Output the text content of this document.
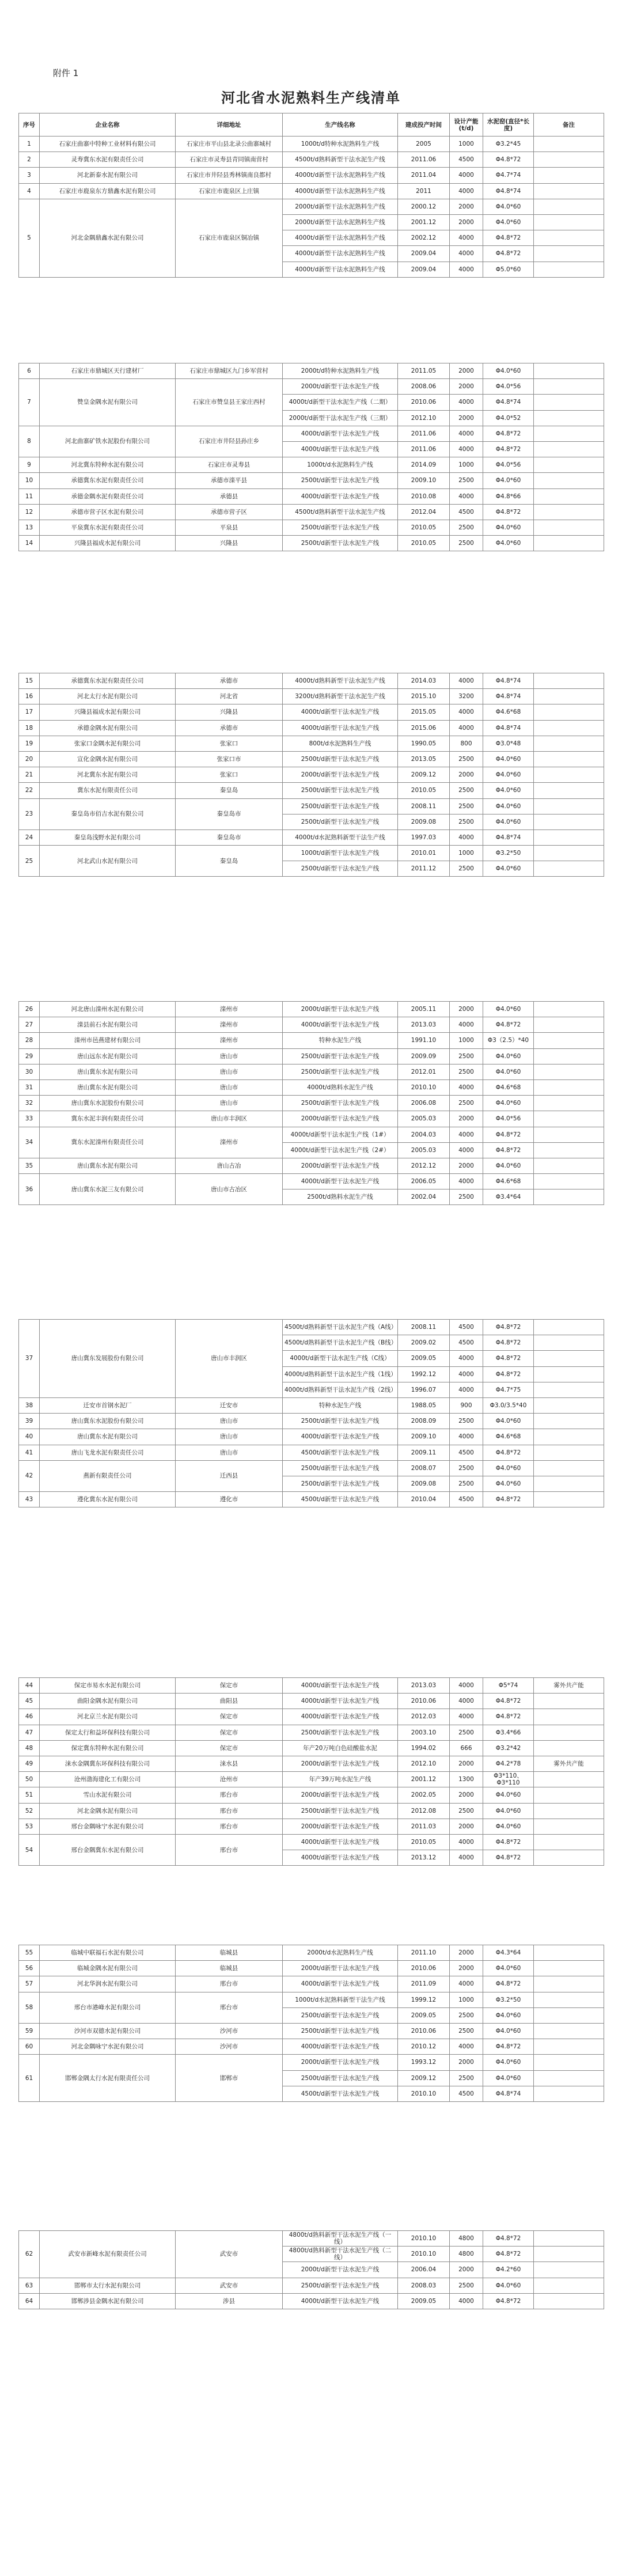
附件 1
河北省水泥熟料生产线清单
序号	企业名称	详细地址	生产线名称	建成投产时间	设计产能(t/d)	水泥窑(直径*长度)	备注
1	石家庄曲寨中特种工业材料有限公司	石家庄市平山县北录公曲寨城村	1000t/d特种水泥熟料生产线	2005	1000	Φ3.2*45	
2	灵寿冀东水泥有限责任公司	石家庄市灵寿县青同镇南营村	4500t/d熟料新型干法水泥生产线	2011.06	4500	Φ4.8*72	
3	河北新泰水泥有限公司	石家庄市井陉县秀林镇南良都村	4000t/d新型干法水泥熟料生产线	2011.04	4000	Φ4.7*74	
4	石家庄市鹿泉东方鼎鑫水泥有限公司	石家庄市鹿泉区上庄镇	4000t/d新型干法水泥熟料生产线	2011	4000	Φ4.8*74	
5	河北金隅鼎鑫水泥有限公司	石家庄市鹿泉区铜冶镇	2000t/d新型干法水泥熟料生产线	2000.12	2000	Φ4.0*60	
			2000t/d新型干法水泥熟料生产线	2001.12	2000	Φ4.0*60	
			4000t/d新型干法水泥熟料生产线	2002.12	4000	Φ4.8*72	
			4000t/d新型干法水泥熟料生产线	2009.04	4000	Φ4.8*72	
			4000t/d新型干法水泥熟料生产线	2009.04	4000	Φ5.0*60	
6	石家庄市鼎城区天行建材厂	石家庄市鼎城区九门乡军营村	2000t/d特种水泥熟料生产线	2011.05	2000	Φ4.0*60	
7	赞皇金隅水泥有限公司	石家庄市赞皇县王家庄西村	2000t/d新型干法水泥生产线	2008.06	2000	Φ4.0*56	
			4000t/d新型干法水泥生产线（二期）	2010.06	4000	Φ4.8*74	
			2000t/d新型干法水泥生产线（三期）	2012.10	2000	Φ4.0*52	
8	河北曲寨矿铁水泥股份有限公司	石家庄市井陉县孙庄乡	4000t/d新型干法水泥生产线	2011.06	4000	Φ4.8*72	
			4000t/d新型干法水泥生产线	2011.06	4000	Φ4.8*72	
9	河北冀东特种水泥有限公司	石家庄市灵寿县	1000t/d水泥熟料生产线	2014.09	1000	Φ4.0*56	
10	承德冀东水泥有限责任公司	承德市滦平县	2500t/d新型干法水泥生产线	2009.10	2500	Φ4.0*60	
11	承德金隅水泥有限责任公司	承德县	4000t/d新型干法水泥生产线	2010.08	4000	Φ4.8*66	
12	承德市营子区水泥有限公司	承德市营子区	4500t/d熟料新型干法水泥生产线	2012.04	4500	Φ4.8*72	
13	平泉冀东水泥有限责任公司	平泉县	2500t/d新型干法水泥生产线	2010.05	2500	Φ4.0*60	
14	兴隆县福成水泥有限公司	兴隆县	2500t/d新型干法水泥生产线	2010.05	2500	Φ4.0*60	
15	承德冀东水泥有限责任公司	承德市	4000t/d熟料新型干法水泥生产线	2014.03	4000	Φ4.8*74	
16	河北太行水泥有限公司	河北省	3200t/d熟料新型干法水泥生产线	2015.10	3200	Φ4.8*74	
17	兴隆县福成水泥有限公司	兴隆县	4000t/d新型干法水泥生产线	2015.05	4000	Φ4.6*68	
18	承德金隅水泥有限公司	承德市	4000t/d新型干法水泥生产线	2015.06	4000	Φ4.8*74	
19	张家口金隅水泥有限公司	张家口	800t/d水泥熟料生产线	1990.05	800	Φ3.0*48	
20	宣化金隅水泥有限公司	张家口市	2500t/d新型干法水泥生产线	2013.05	2500	Φ4.0*60	
21	河北冀东水泥有限公司	张家口	2000t/d新型干法水泥生产线	2009.12	2000	Φ4.0*60	
22	冀东水泥有限责任公司	秦皇岛	2500t/d新型干法水泥生产线	2010.05	2500	Φ4.0*60	
23	秦皇岛市佰吉水泥有限公司	秦皇岛市	2500t/d新型干法水泥生产线	2008.11	2500	Φ4.0*60	
			2500t/d新型干法水泥生产线	2009.08	2500	Φ4.0*60	
24	秦皇岛浅野水泥有限公司	秦皇岛市	4000t/d水泥熟料新型干法生产线	1997.03	4000	Φ4.8*74	
25	河北武山水泥有限公司	秦皇岛	1000t/d新型干法水泥生产线	2010.01	1000	Φ3.2*50	
			2500t/d新型干法水泥生产线	2011.12	2500	Φ4.0*60	
26	河北唐山滦州水泥有限公司	滦州市	2000t/d新型干法水泥生产线	2005.11	2000	Φ4.0*60	
27	滦县前石水泥有限公司	滦州市	4000t/d新型干法水泥生产线	2013.03	4000	Φ4.8*72	
28	滦州市邑燕建材有限公司	滦州市	特种水泥生产线	1991.10	1000	Φ3（2.5）*40	
29	唐山远东水泥有限公司	唐山市	2500t/d新型干法水泥生产线	2009.09	2500	Φ4.0*60	
30	唐山冀东水泥有限公司	唐山市	2500t/d新型干法水泥生产线	2012.01	2500	Φ4.0*60	
31	唐山冀东水泥有限公司	唐山市	4000t/d熟料水泥生产线	2010.10	4000	Φ4.6*68	
32	唐山冀东水泥股份有限公司	唐山市	2500t/d新型干法水泥生产线	2006.08	2500	Φ4.0*60	
33	冀东水泥丰润有限责任公司	唐山市丰润区	2000t/d新型干法水泥生产线	2005.03	2000	Φ4.0*56	
34	冀东水泥滦州有限责任公司	滦州市	4000t/d新型干法水泥生产线（1#）	2004.03	4000	Φ4.8*72	
			4000t/d新型干法水泥生产线（2#）	2005.03	4000	Φ4.8*72	
35	唐山冀东水泥有限公司	唐山古冶	2000t/d新型干法水泥生产线	2012.12	2000	Φ4.0*60	
36	唐山冀东水泥三友有限公司	唐山市古冶区	4000t/d新型干法水泥生产线	2006.05	4000	Φ4.6*68	
			2500t/d熟料水泥生产线	2002.04	2500	Φ3.4*64	
37	唐山冀东发展股份有限公司	唐山市丰润区	4500t/d熟料新型干法水泥生产线（A线）	2008.11	4500	Φ4.8*72	
			4500t/d熟料新型干法水泥生产线（B线）	2009.02	4500	Φ4.8*72	
			4000t/d新型干法水泥生产线（C线）	2009.05	4000	Φ4.8*72	
			4000t/d熟料新型干法水泥生产线（1线）	1992.12	4000	Φ4.8*72	
			4000t/d熟料新型干法水泥生产线（2线）	1996.07	4000	Φ4.7*75	
38	迁安市首钢水泥厂	迁安市	特种水泥生产线	1988.05	900	Φ3.0/3.5*40	
39	唐山冀东水泥股份有限公司	唐山市	2500t/d新型干法水泥生产线	2008.09	2500	Φ4.0*60	
40	唐山冀东水泥有限公司	唐山市	4000t/d新型干法水泥生产线	2009.10	4000	Φ4.6*68	
41	唐山飞龙水泥有限责任公司	唐山市	4500t/d新型干法水泥生产线	2009.11	4500	Φ4.8*72	
42	燕新有限责任公司	迁西县	2500t/d新型干法水泥生产线	2008.07	2500	Φ4.0*60	
			2500t/d新型干法水泥生产线	2009.08	2500	Φ4.0*60	
43	遵化冀东水泥有限公司	遵化市	4500t/d新型干法水泥生产线	2010.04	4500	Φ4.8*72	
44	保定市易水水泥有限公司	保定市	4000t/d新型干法水泥生产线	2013.03	4000	Φ5*74	雾外共产能
45	曲阳金隅水泥有限公司	曲阳县	4000t/d新型干法水泥生产线	2010.06	4000	Φ4.8*72	
46	河北京兰水泥有限公司	保定市	4000t/d新型干法水泥生产线	2012.03	4000	Φ4.8*72	
47	保定太行和益环保科技有限公司	保定市	2500t/d新型干法水泥生产线	2003.10	2500	Φ3.4*66	
48	保定冀东特种水泥有限公司	保定市	年产20万吨白色硅酸盐水泥	1994.02	666	Φ3.2*42	
49	涞水金隅冀东环保科技有限公司	涞水县	2000t/d新型干法水泥生产线	2012.10	2000	Φ4.2*78	雾外共产能
50	沧州渤海建化工有限公司	沧州市	年产39万吨水泥生产线	2001.12	1300	Φ3*110、Φ3*110	
51	雪山水泥有限公司	邢台市	2000t/d新型干法水泥生产线	2002.05	2000	Φ4.0*60	
52	河北金隅水泥有限公司	邢台市	2500t/d新型干法水泥生产线	2012.08	2500	Φ4.0*60	
53	邢台金隅咏宁水泥有限公司	邢台市	2000t/d新型干法水泥生产线	2011.03	2000	Φ4.0*60	
54	邢台金隅冀东水泥有限公司	邢台市	4000t/d新型干法水泥生产线	2010.05	4000	Φ4.8*72	
			4000t/d新型干法水泥生产线	2013.12	4000	Φ4.8*72	
55	临城中联福石水泥有限公司	临城县	2000t/d水泥熟料生产线	2011.10	2000	Φ4.3*64	
56	临城金隅水泥有限公司	临城县	2000t/d新型干法水泥生产线	2010.06	2000	Φ4.0*60	
57	河北华润水泥有限公司	邢台市	4000t/d新型干法水泥生产线	2011.09	4000	Φ4.8*72	
58	邢台市港峰水泥有限公司	邢台市	1000t/d水泥熟料新型干法生产线	1999.12	1000	Φ3.2*50	
			2500t/d新型干法水泥生产线	2009.05	2500	Φ4.0*60	
59	沙河市双德水泥有限公司	沙河市	2500t/d新型干法水泥生产线	2010.06	2500	Φ4.0*60	
60	河北金隅咏宁水泥有限公司	沙河市	4000t/d新型干法水泥生产线	2010.12	4000	Φ4.8*72	
61	邯郸金隅太行水泥有限责任公司	邯郸市	2000t/d新型干法水泥生产线	1993.12	2000	Φ4.0*60	
			2500t/d新型干法水泥生产线	2009.12	2500	Φ4.0*60	
			4500t/d新型干法水泥生产线	2010.10	4500	Φ4.8*74	
62	武安市新峰水泥有限责任公司	武安市	4800t/d熟料新型干法水泥生产线（一线）	2010.10	4800	Φ4.8*72	
			4800t/d熟料新型干法水泥生产线（二线）	2010.10	4800	Φ4.8*72	
			2000t/d新型干法水泥生产线	2006.04	2000	Φ4.2*60	
63	邯郸市太行水泥有限公司	武安市	2500t/d新型干法水泥生产线	2008.03	2500	Φ4.0*60	
64	邯郸涉县金隅水泥有限公司	涉县	4000t/d新型干法水泥生产线	2009.05	4000	Φ4.8*72	
